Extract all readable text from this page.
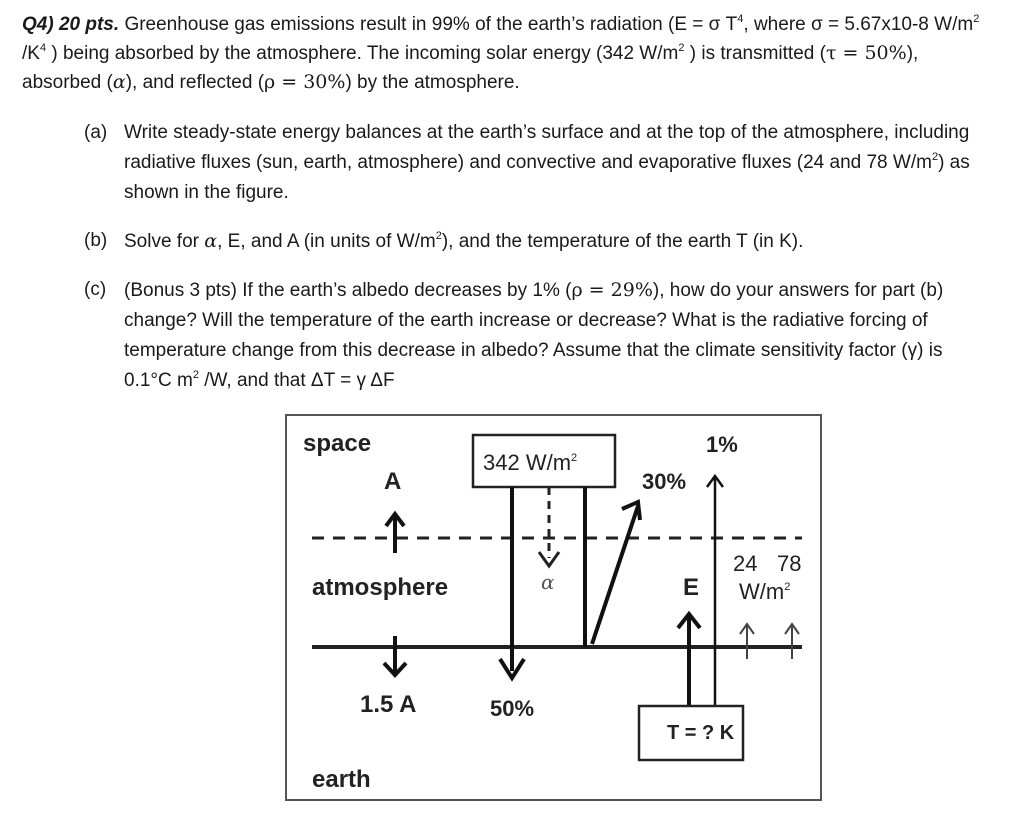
Q4) 20 pts. Greenhouse gas emissions result in 99% of the earth’s radiation (E = σ $T^4$, where σ = 5.67x10-8 $W/m^2$ $/K^4$ ) being absorbed by the atmosphere. The incoming solar energy (342 $W/m^2$ ) is transmitted (τ = 50%), absorbed (α), and reflected (ρ = 30%) by the atmosphere.

(a) Write steady-state energy balances at the earth’s surface and at the top of the atmosphere, including radiative fluxes (sun, earth, atmosphere) and convective and evaporative fluxes (24 and 78 $W/m^2$) as shown in the figure.
(b) Solve for α, E, and A (in units of $W/m^2$), and the temperature of the earth T (in K).
(c) (Bonus 3 pts) If the earth’s albedo decreases by 1% (ρ = 29%), how do your answers for part (b) change? Will the temperature of the earth increase or decrease? What is the radiative forcing of temperature change from this decrease in albedo? Assume that the climate sensitivity factor (γ) is 0.1°C $m^2$ /W, and that ΔT = γ ΔF
space
A
342 $W/m^2$
1%
30%
atmosphere	α	E
24 78
$W/m^2$
1.5 A	50%
T = ? K
earth
